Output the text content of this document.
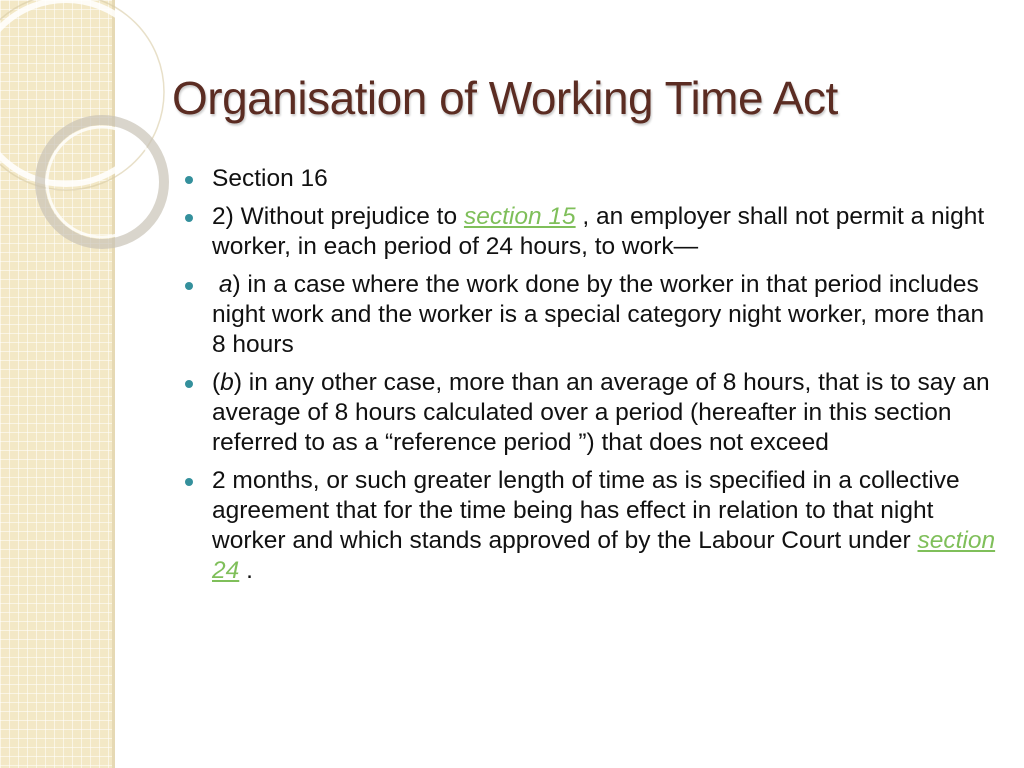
Organisation of Working Time Act
Section 16
2) Without prejudice to section 15 , an employer shall not permit a night worker, in each period of 24 hours, to work—
a) in a case where the work done by the worker in that period includes night work and the worker is a special category night worker, more than 8 hours
(b) in any other case, more than an average of 8 hours, that is to say an average of 8 hours calculated over a period (hereafter in this section referred to as a “reference period ”) that does not exceed
2 months, or such greater length of time as is specified in a collective agreement that for the time being has effect in relation to that night worker and which stands approved of by the Labour Court under section 24 .
